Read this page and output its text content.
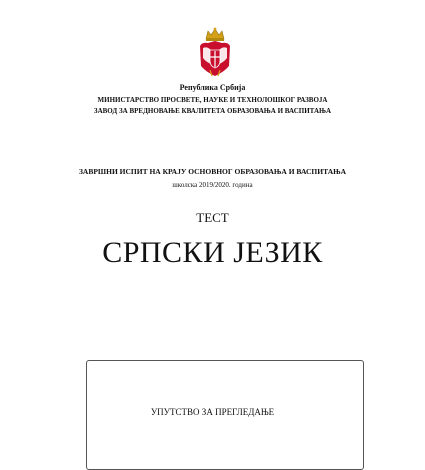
Република Србија
МИНИСТАРСТВО ПРОСВЕТЕ, НАУКЕ И ТЕХНОЛОШКОГ РАЗВОЈА
ЗАВОД ЗА ВРЕДНОВАЊЕ КВАЛИТЕТА ОБРАЗОВАЊА И ВАСПИТАЊА
ЗАВРШНИ ИСПИТ НА КРАЈУ ОСНОВНОГ ОБРАЗОВАЊА И ВАСПИТАЊА
школска 2019/2020. година
ТЕСТ
СРПСКИ ЈЕЗИК
УПУТСТВО ЗА ПРЕГЛЕДАЊЕ
